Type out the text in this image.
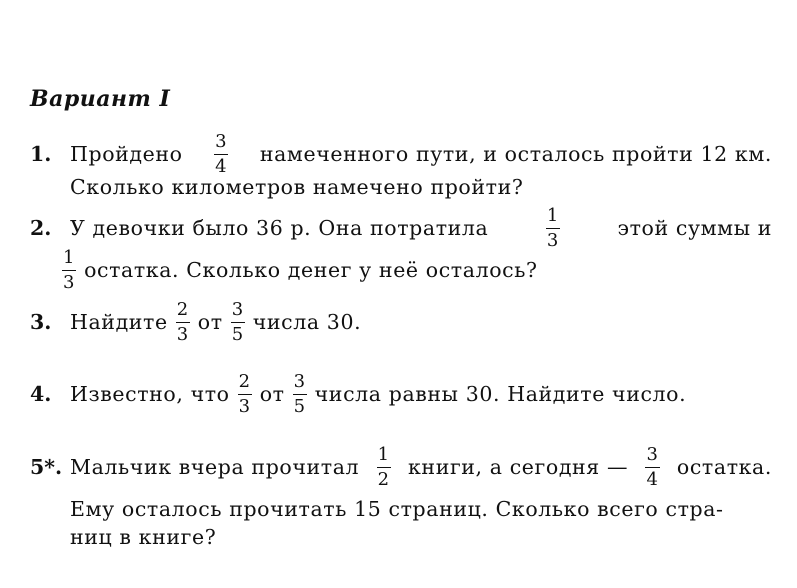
Вариант I
1. Пройдено $\frac{3}{4}$ намеченного пути, и осталось пройти 12 км.
Сколько километров намечено пройти?
2. У девочки было 36 р. Она потратила	$\frac{1}{3}$	этой суммы и
$\frac{1}{3}$ остатка. Сколько денег у неё осталось?
3. Найдите $\frac{2}{3}$ от $\frac{3}{5}$ числа 30.
4. Известно, что $\frac{2}{3}$ от $\frac{3}{5}$ числа равны 30. Найдите число.
5*. Мальчик вчера прочитал $\frac{1}{2}$ книги, а сегодня — $\frac{3}{4}$ остатка.
Ему осталось прочитать 15 страниц. Сколько всего стра-
ниц в книге?
